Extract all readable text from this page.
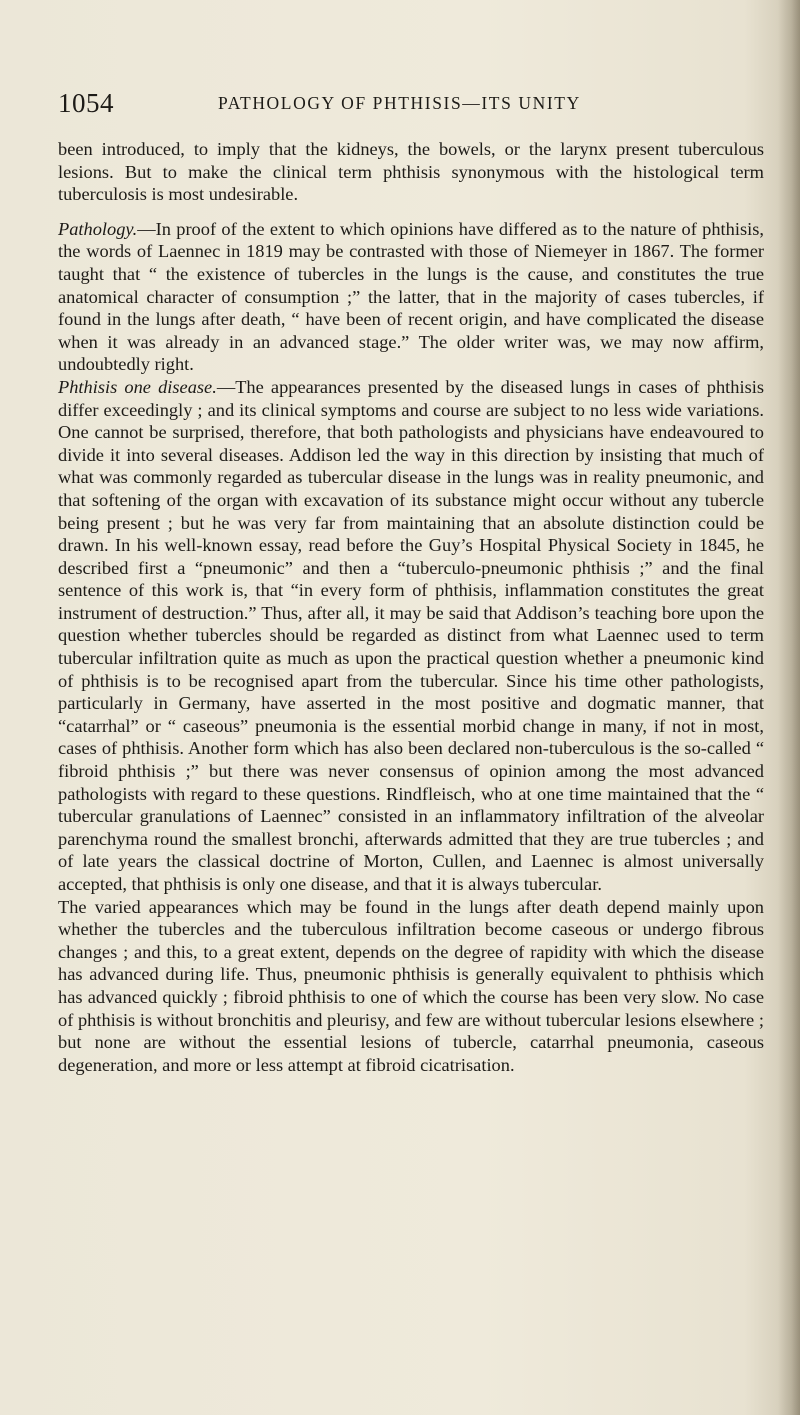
1054	PATHOLOGY OF PHTHISIS—ITS UNITY

been introduced, to imply that the kidneys, the bowels, or the larynx present tuberculous lesions. But to make the clinical term phthisis synonymous with the histological term tuberculosis is most undesirable.

Pathology.—In proof of the extent to which opinions have differed as to the nature of phthisis, the words of Laennec in 1819 may be contrasted with those of Niemeyer in 1867. The former taught that “ the existence of tubercles in the lungs is the cause, and constitutes the true anatomical character of consumption ;” the latter, that in the majority of cases tubercles, if found in the lungs after death, “ have been of recent origin, and have complicated the disease when it was already in an advanced stage.” The older writer was, we may now affirm, undoubtedly right.

Phthisis one disease.—The appearances presented by the diseased lungs in cases of phthisis differ exceedingly ; and its clinical symptoms and course are subject to no less wide variations. One cannot be surprised, therefore, that both pathologists and physicians have endeavoured to divide it into several diseases. Addison led the way in this direction by insisting that much of what was commonly regarded as tubercular disease in the lungs was in reality pneumonic, and that softening of the organ with excavation of its substance might occur without any tubercle being present ; but he was very far from maintaining that an absolute distinction could be drawn. In his well-known essay, read before the Guy’s Hospital Physical Society in 1845, he described first a “pneumonic” and then a “tuberculo-pneumonic phthisis ;” and the final sentence of this work is, that “in every form of phthisis, inflammation constitutes the great instrument of destruction.” Thus, after all, it may be said that Addison’s teaching bore upon the question whether tubercles should be regarded as distinct from what Laennec used to term tubercular infiltration quite as much as upon the practical question whether a pneumonic kind of phthisis is to be recognised apart from the tubercular. Since his time other pathologists, particularly in Germany, have asserted in the most positive and dogmatic manner, that “catarrhal” or “ caseous” pneumonia is the essential morbid change in many, if not in most, cases of phthisis. Another form which has also been declared non-tuberculous is the so-called “ fibroid phthisis ;” but there was never consensus of opinion among the most advanced pathologists with regard to these questions. Rindfleisch, who at one time maintained that the “ tubercular granulations of Laennec” consisted in an inflammatory infiltration of the alveolar parenchyma round the smallest bronchi, afterwards admitted that they are true tubercles ; and of late years the classical doctrine of Morton, Cullen, and Laennec is almost universally accepted, that phthisis is only one disease, and that it is always tubercular.

The varied appearances which may be found in the lungs after death depend mainly upon whether the tubercles and the tuberculous infiltration become caseous or undergo fibrous changes ; and this, to a great extent, depends on the degree of rapidity with which the disease has advanced during life. Thus, pneumonic phthisis is generally equivalent to phthisis which has advanced quickly ; fibroid phthisis to one of which the course has been very slow. No case of phthisis is without bronchitis and pleurisy, and few are without tubercular lesions elsewhere ; but none are without the essential lesions of tubercle, catarrhal pneumonia, caseous degeneration, and more or less attempt at fibroid cicatrisation.
